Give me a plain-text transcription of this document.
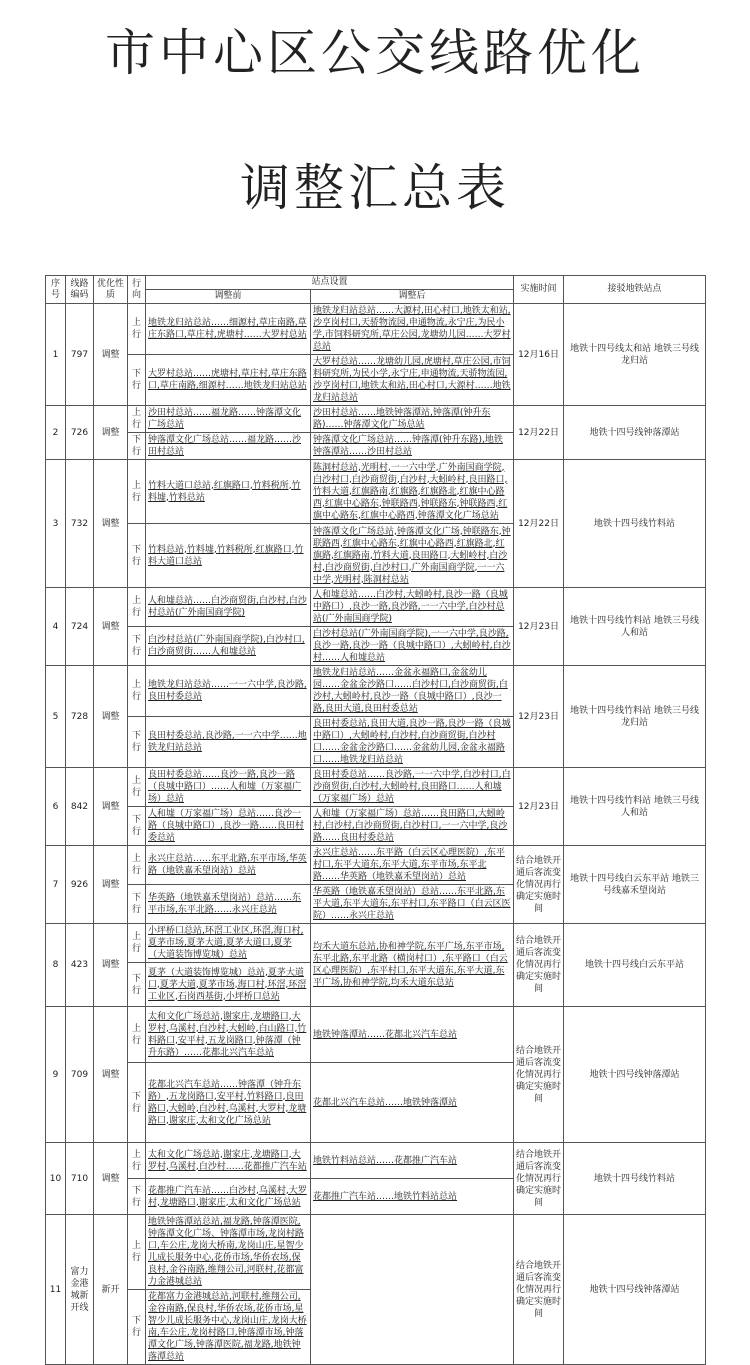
市中心区公交线路优化
调整汇总表
序号	线路编码	优化性质	行向	站点设置		实施时间	接驳地铁站点
				调整前	调整后		
1	797	调整	上行	地铁龙归站总站……细源村,草庄南路,草庄东路口,草庄村,虎塘村……大罗村总站	地铁龙归站总站……大源村,田心村口,地铁太和站,沙亨岗村口,天骄物流园,申通物流,永宁庄,为民小学,市饲料研究所,草庄公园,龙塘幼儿园……大罗村总站	12月16日	地铁十四号线太和站 地铁三号线龙归站
			下行	大罗村总站……虎塘村,草庄村,草庄东路口,草庄南路,细源村……地铁龙归站总站	大罗村总站……龙塘幼儿园,虎塘村,草庄公园,市饲料研究所,为民小学,永宁庄,申通物流,天骄物流园,沙亨岗村口,地铁太和站,田心村口,大源村……地铁龙归站总站		
2	726	调整	上行	沙田村总站……福龙路……钟落潭文化广场总站	沙田村总站……地铁钟落潭站,钟落潭(钟升东路)……钟落潭文化广场总站	12月22日	地铁十四号线钟落潭站
			下行	钟落潭文化广场总站……福龙路……沙田村总站	钟落潭文化广场总站……钟落潭(钟升东路),地铁钟落潭站……沙田村总站		
3	732	调整	上行	竹料大道口总站,红旗路口,竹料税所,竹料墟,竹料总站	陈洞村总站,光明村,一一六中学,广外南国商学院,白沙村口,白沙商贸街,白沙村,大蚓岭村,良田路口,竹料大道,红旗路南,红旗路,红旗路北,红旗中心路西,红旗中心路东,钟联路西,钟联路东,钟联路西,红旗中心路东,红旗中心路西,钟落潭文化广场总站	12月22日	地铁十四号线竹料站
			下行	竹料总站,竹料墟,竹料税所,红旗路口,竹料大道口总站	钟落潭文化广场总站,钟落潭文化广场,钟联路东,钟联路西,红旗中心路东,红旗中心路西,红旗路北,红旗路,红旗路南,竹料大道,良田路口,大蚓岭村,白沙村,白沙商贸街,白沙村口,广外南国商学院,一一六中学,光明村,陈洞村总站		
4	724	调整	上行	人和墟总站……白沙商贸街,白沙村,白沙村总站(广外南国商学院)	人和墟总站……白沙村,大蚓岭村,良沙一路（良城中路口）,良沙一路,良沙路,一一六中学,白沙村总站(广外南国商学院)	12月23日	地铁十四号线竹料站 地铁三号线人和站
			下行	白沙村总站(广外南国商学院),白沙村口,白沙商贸街……人和墟总站	白沙村总站(广外南国商学院),一一六中学,良沙路,良沙一路,良沙一路（良城中路口）,大蚓岭村,白沙村……人和墟总站		
5	728	调整	上行	地铁龙归站总站……一一六中学,良沙路,良田村委总站	地铁龙归站总站……金盆永福路口,金盆幼儿园……金盆金沙路口……白沙村口,白沙商贸街,白沙村,大蚓岭村,良沙一路（良城中路口）,良沙一路,良田大道,良田村委总站	12月23日	地铁十四号线竹料站 地铁三号线龙归站
			下行	良田村委总站,良沙路,一一六中学……地铁龙归站总站	良田村委总站,良田大道,良沙一路,良沙一路（良城中路口）,大蚓岭村,白沙村,白沙商贸街,白沙村口……金盆金沙路口……金盆幼儿园,金盆永福路口……地铁龙归站总站		
6	842	调整	上行	良田村委总站……良沙一路,良沙一路（良城中路口）……人和墟（万家福广场）总站	良田村委总站……良沙路,一一六中学,白沙村口,白沙商贸街,白沙村,大蚓岭村,良田路口……人和墟（万家福广场）总站	12月23日	地铁十四号线竹料站 地铁三号线人和站
			下行	人和墟（万家福广场）总站……良沙一路（良城中路口）,良沙一路……良田村委总站	人和墟（万家福广场）总站……良田路口,大蚓岭村,白沙村,白沙商贸街,白沙村口,一一六中学,良沙路……良田村委总站		
7	926	调整	上行	永兴庄总站……东平北路,东平市场,华英路（地铁嘉禾望岗站）总站	永兴庄总站……东平路（白云区心理医院）,东平村口,东平大道东,东平大道,东平市场,东平北路……华英路（地铁嘉禾望岗站）总站	结合地铁开通后客流变化情况再行确定实施时间	地铁十四号线白云东平站 地铁三号线嘉禾望岗站
			下行	华英路（地铁嘉禾望岗站）总站……东平市场,东平北路……永兴庄总站	华英路（地铁嘉禾望岗站）总站……东平北路,东平大道,东平大道东,东平村口,东平路口（白云区医院）……永兴庄总站		
8	423	调整	上行	小坪桥口总站,环滘工业区,环滘,海口村,夏茅市场,夏茅大道,夏茅大道口,夏茅（大道装饰博览城）总站	均禾大道东总站,协和神学院,东平广场,东平市场,东平北路,东平北路（横岗村口）,东平路口（白云区心理医院）,东平村口,东平大道东,东平大道,东平广场,协和神学院,均禾大道东总站	结合地铁开通后客流变化情况再行确定实施时间	地铁十四号线白云东平站
			下行	夏茅（大道装饰博览城）总站,夏茅大道口,夏茅大道,夏茅市场,海口村,环滘,环滘工业区,石岗西基街,小坪桥口总站			
9	709	调整	上行	太和文化广场总站,谢家庄,龙塘路口,大罗村,乌溪村,白沙村,大蚓岭,白山路口,竹料路口,安平村,五龙岗路口,钟落潭（钟升东路）……花都北兴汽车总站	地铁钟落潭站……花都北兴汽车总站	结合地铁开通后客流变化情况再行确定实施时间	地铁十四号线钟落潭站
			下行	花都北兴汽车总站……钟落潭（钟升东路）,五龙岗路口,安平村,竹料路口,良田路口,大蚓岭,白沙村,乌溪村,大罗村,龙塘路口,谢家庄,太和文化广场总站	花都北兴汽车总站……地铁钟落潭站		
10	710	调整	上行	太和文化广场总站,谢家庄,龙塘路口,大罗村,乌溪村,白沙村……花都推广汽车站	地铁竹料站总站……花都推广汽车站	结合地铁开通后客流变化情况再行确定实施时间	地铁十四号线竹料站
			下行	花都推广汽车站……白沙村,乌溪村,大罗村,龙塘路口,谢家庄,太和文化广场总站	花都推广汽车站……地铁竹料站总站		
11	富力金港城新开线	新开	上行	地铁钟落潭站总站,福龙路,钟落潭医院,钟落潭文化广场、钟落潭市场,龙岗村路口,车公庄,龙岗大桥南,龙岗山庄,星智少儿成长服务中心,花侨市场,华侨农场,保良村,金谷南路,维翔公司,河联村,花都富力金港城总站		结合地铁开通后客流变化情况再行确定实施时间	地铁十四号线钟落潭站
			下行	花都富力金港城总站,河联村,维翔公司,金谷南路,保良村,华侨农场,花侨市场,星智少儿成长服务中心,龙岗山庄,龙岗大桥南,车公庄,龙岗村路口,钟落潭市场,钟落潭文化广场,钟落潭医院,福龙路,地铁钟落潭总站			
